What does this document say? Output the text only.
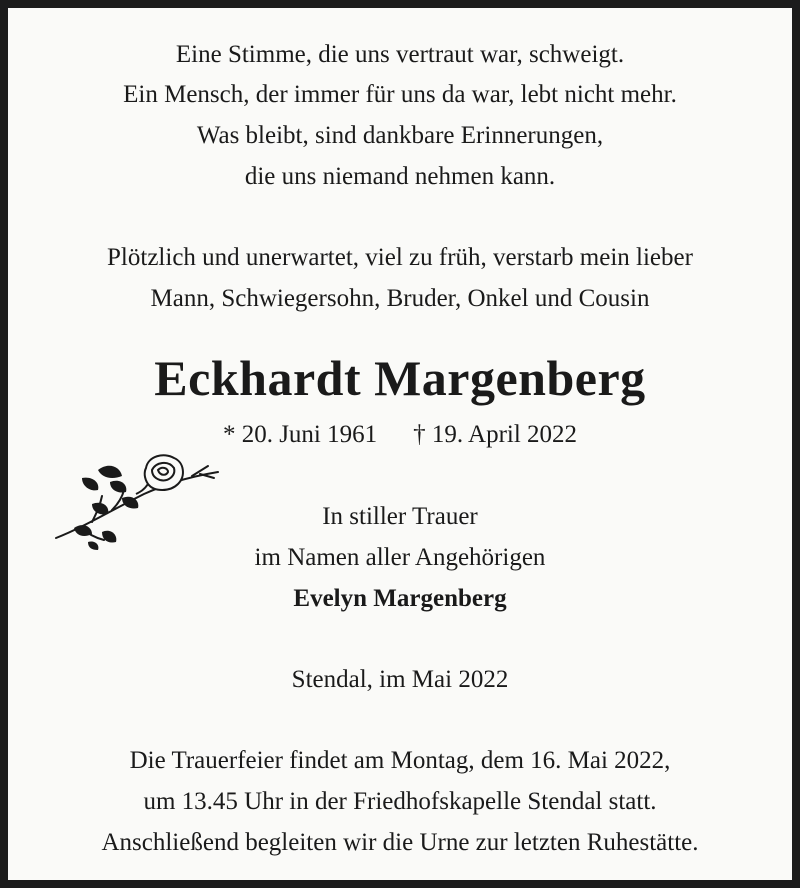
Eine Stimme, die uns vertraut war, schweigt.
Ein Mensch, der immer für uns da war, lebt nicht mehr.
Was bleibt, sind dankbare Erinnerungen,
die uns niemand nehmen kann.
Plötzlich und unerwartet, viel zu früh, verstarb mein lieber
Mann, Schwiegersohn, Bruder, Onkel und Cousin
Eckhardt Margenberg
* 20. Juni 1961 † 19. April 2022
In stiller Trauer
im Namen aller Angehörigen
Evelyn Margenberg
Stendal, im Mai 2022
Die Trauerfeier findet am Montag, dem 16. Mai 2022,
um 13.45 Uhr in der Friedhofskapelle Stendal statt.
Anschließend begleiten wir die Urne zur letzten Ruhestätte.
